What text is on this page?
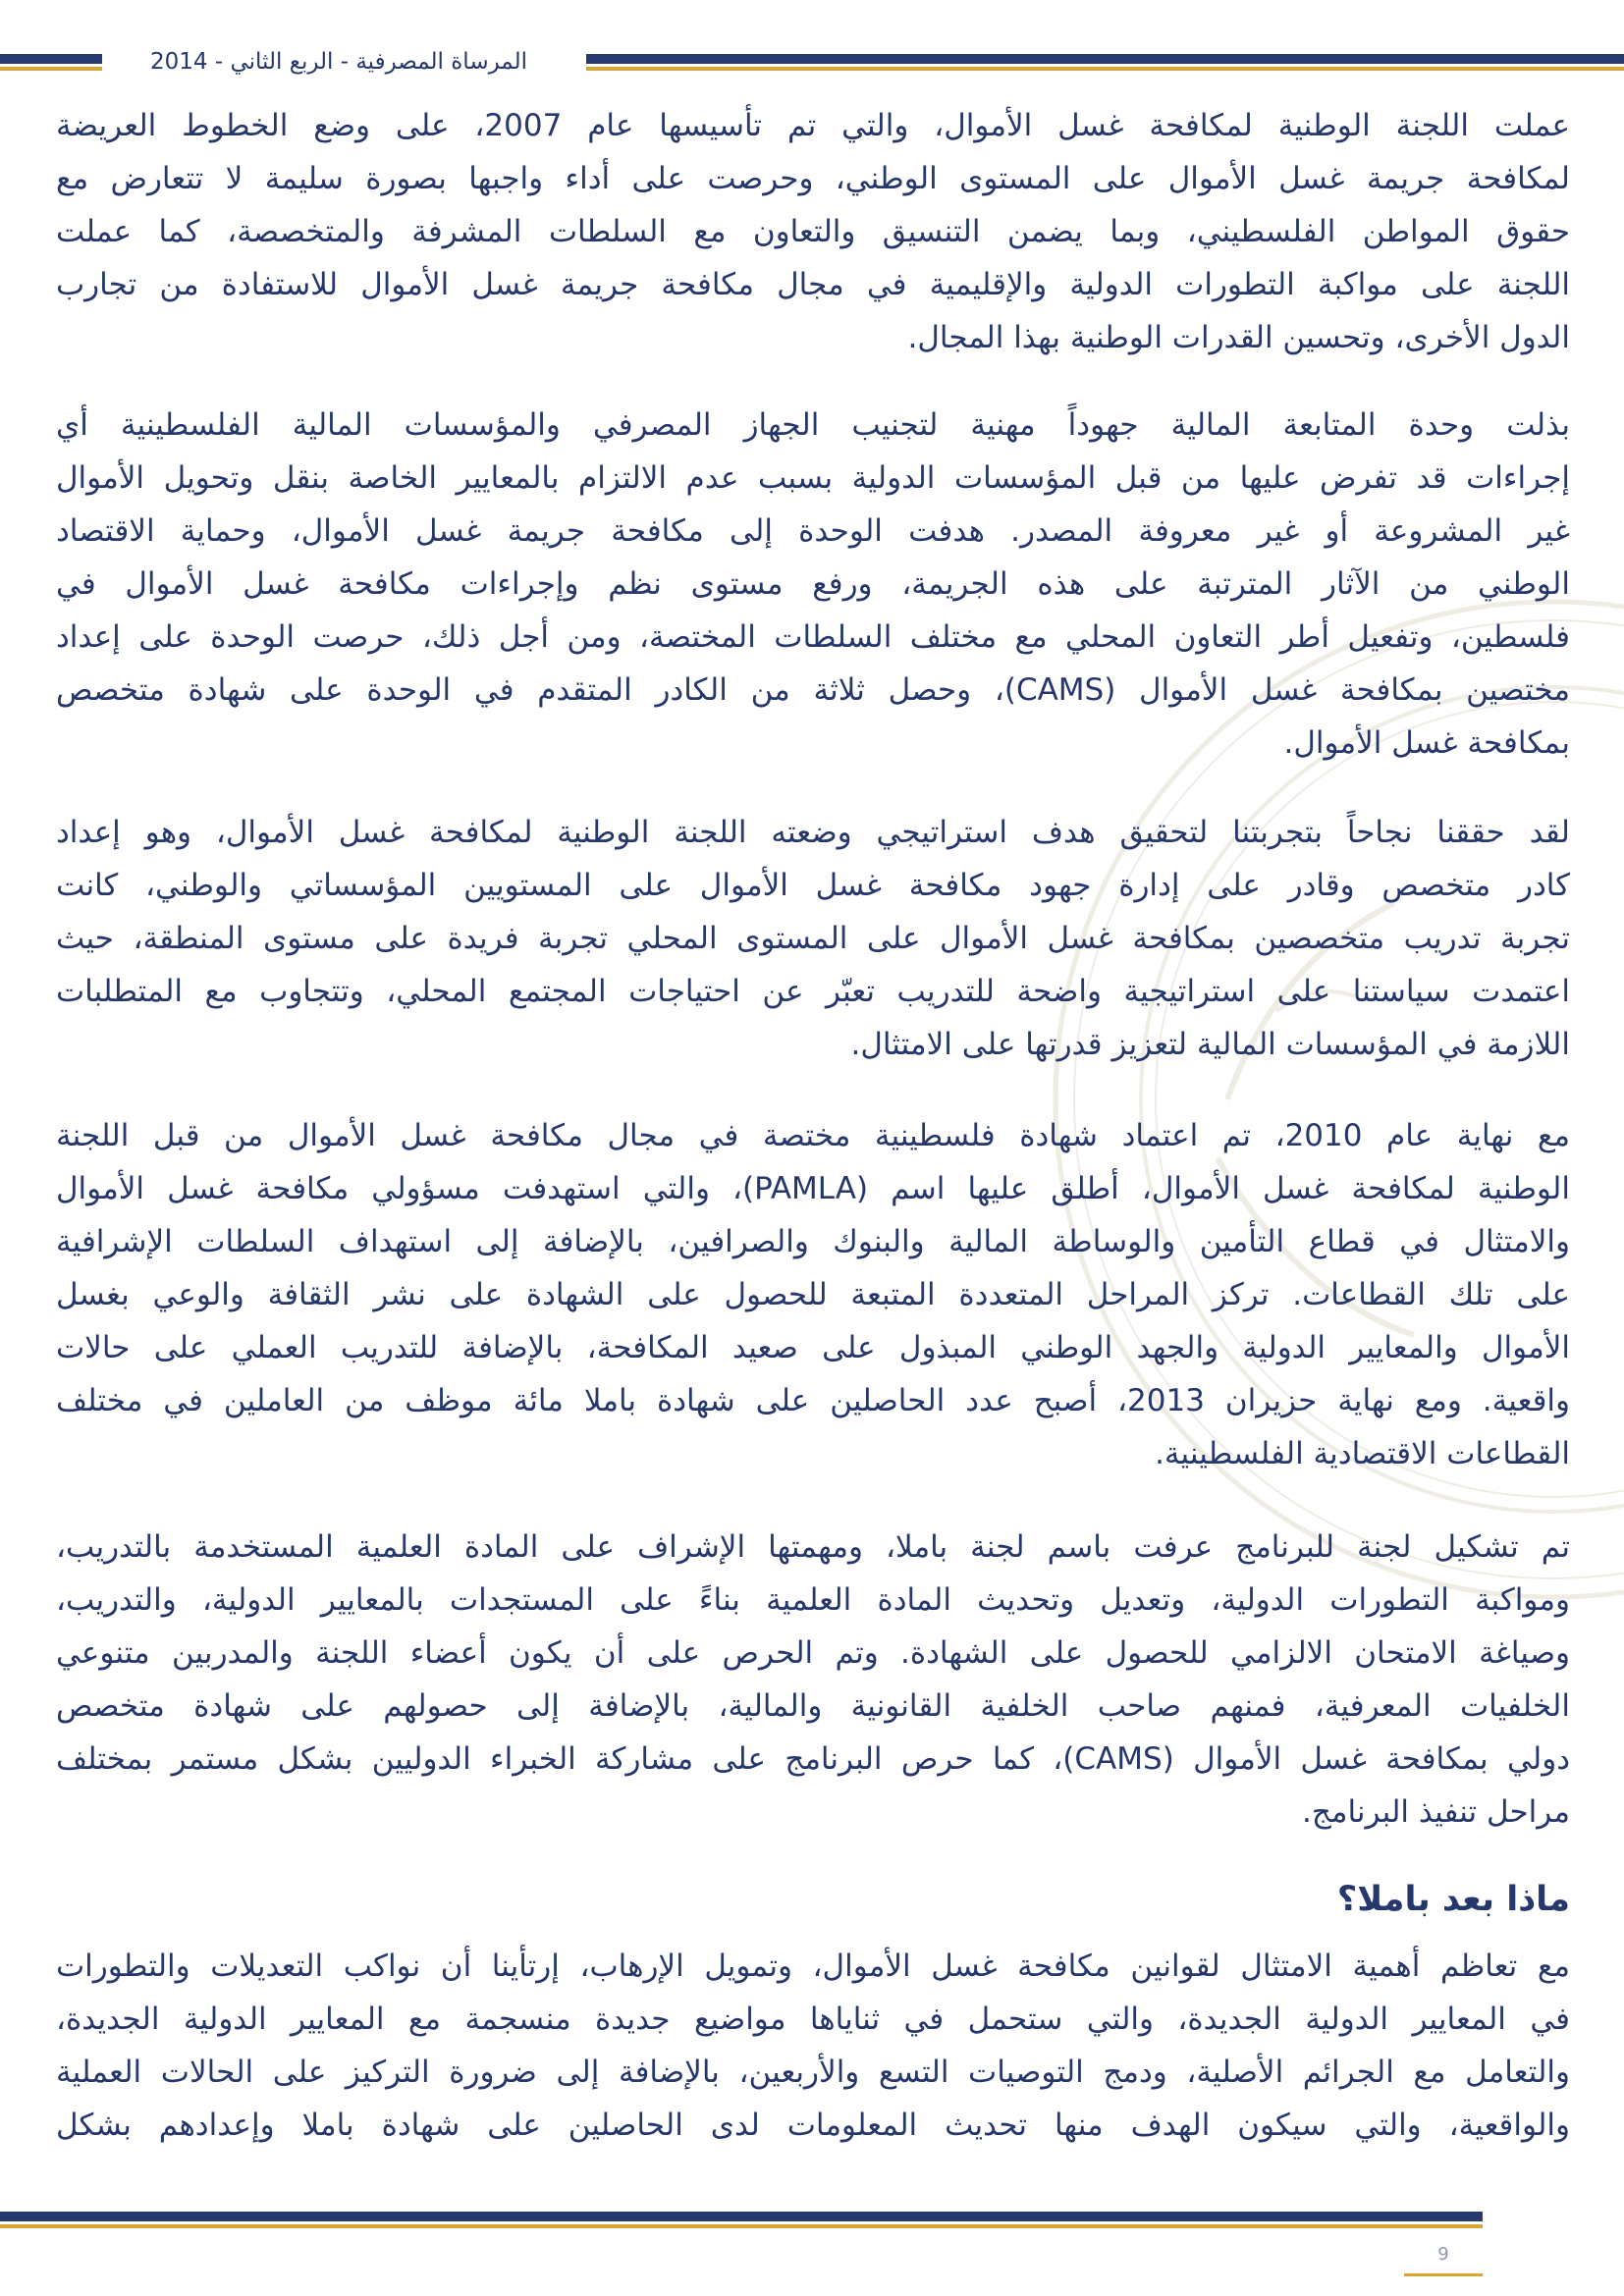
المرساة المصرفية - الربع الثاني - 2014
عملت اللجنة الوطنية لمكافحة غسل الأموال، والتي تم تأسيسها عام 2007، على وضع الخطوط العريضة
لمكافحة جريمة غسل الأموال على المستوى الوطني، وحرصت على أداء واجبها بصورة سليمة لا تتعارض مع
حقوق المواطن الفلسطيني، وبما يضمن التنسيق والتعاون مع السلطات المشرفة والمتخصصة، كما عملت
اللجنة على مواكبة التطورات الدولية والإقليمية في مجال مكافحة جريمة غسل الأموال للاستفادة من تجارب
الدول الأخرى، وتحسين القدرات الوطنية بهذا المجال.
بذلت وحدة المتابعة المالية جهوداً مهنية لتجنيب الجهاز المصرفي والمؤسسات المالية الفلسطينية أي
إجراءات قد تفرض عليها من قبل المؤسسات الدولية بسبب عدم الالتزام بالمعايير الخاصة بنقل وتحويل الأموال
غير المشروعة أو غير معروفة المصدر. هدفت الوحدة إلى مكافحة جريمة غسل الأموال، وحماية الاقتصاد
الوطني من الآثار المترتبة على هذه الجريمة، ورفع مستوى نظم وإجراءات مكافحة غسل الأموال في
فلسطين، وتفعيل أطر التعاون المحلي مع مختلف السلطات المختصة، ومن أجل ذلك، حرصت الوحدة على إعداد
مختصين بمكافحة غسل الأموال (CAMS)، وحصل ثلاثة من الكادر المتقدم في الوحدة على شهادة متخصص
بمكافحة غسل الأموال.
لقد حققنا نجاحاً بتجربتنا لتحقيق هدف استراتيجي وضعته اللجنة الوطنية لمكافحة غسل الأموال، وهو إعداد
كادر متخصص وقادر على إدارة جهود مكافحة غسل الأموال على المستويين المؤسساتي والوطني، كانت
تجربة تدريب متخصصين بمكافحة غسل الأموال على المستوى المحلي تجربة فريدة على مستوى المنطقة، حيث
اعتمدت سياستنا على استراتيجية واضحة للتدريب تعبّر عن احتياجات المجتمع المحلي، وتتجاوب مع المتطلبات
اللازمة في المؤسسات المالية لتعزيز قدرتها على الامتثال.
مع نهاية عام 2010، تم اعتماد شهادة فلسطينية مختصة في مجال مكافحة غسل الأموال من قبل اللجنة
الوطنية لمكافحة غسل الأموال، أطلق عليها اسم (PAMLA)، والتي استهدفت مسؤولي مكافحة غسل الأموال
والامتثال في قطاع التأمين والوساطة المالية والبنوك والصرافين، بالإضافة إلى استهداف السلطات الإشرافية
على تلك القطاعات. تركز المراحل المتعددة المتبعة للحصول على الشهادة على نشر الثقافة والوعي بغسل
الأموال والمعايير الدولية والجهد الوطني المبذول على صعيد المكافحة، بالإضافة للتدريب العملي على حالات
واقعية. ومع نهاية حزيران 2013، أصبح عدد الحاصلين على شهادة باملا مائة موظف من العاملين في مختلف
القطاعات الاقتصادية الفلسطينية.
تم تشكيل لجنة للبرنامج عرفت باسم لجنة باملا، ومهمتها الإشراف على المادة العلمية المستخدمة بالتدريب،
ومواكبة التطورات الدولية، وتعديل وتحديث المادة العلمية بناءً على المستجدات بالمعايير الدولية، والتدريب،
وصياغة الامتحان الالزامي للحصول على الشهادة. وتم الحرص على أن يكون أعضاء اللجنة والمدربين متنوعي
الخلفيات المعرفية، فمنهم صاحب الخلفية القانونية والمالية، بالإضافة إلى حصولهم على شهادة متخصص
دولي بمكافحة غسل الأموال (CAMS)، كما حرص البرنامج على مشاركة الخبراء الدوليين بشكل مستمر بمختلف
مراحل تنفيذ البرنامج.
ماذا بعد باملا؟
مع تعاظم أهمية الامتثال لقوانين مكافحة غسل الأموال، وتمويل الإرهاب، إرتأينا أن نواكب التعديلات والتطورات
في المعايير الدولية الجديدة، والتي ستحمل في ثناياها مواضيع جديدة منسجمة مع المعايير الدولية الجديدة،
والتعامل مع الجرائم الأصلية، ودمج التوصيات التسع والأربعين، بالإضافة إلى ضرورة التركيز على الحالات العملية
والواقعية، والتي سيكون الهدف منها تحديث المعلومات لدى الحاصلين على شهادة باملا وإعدادهم بشكل
9
